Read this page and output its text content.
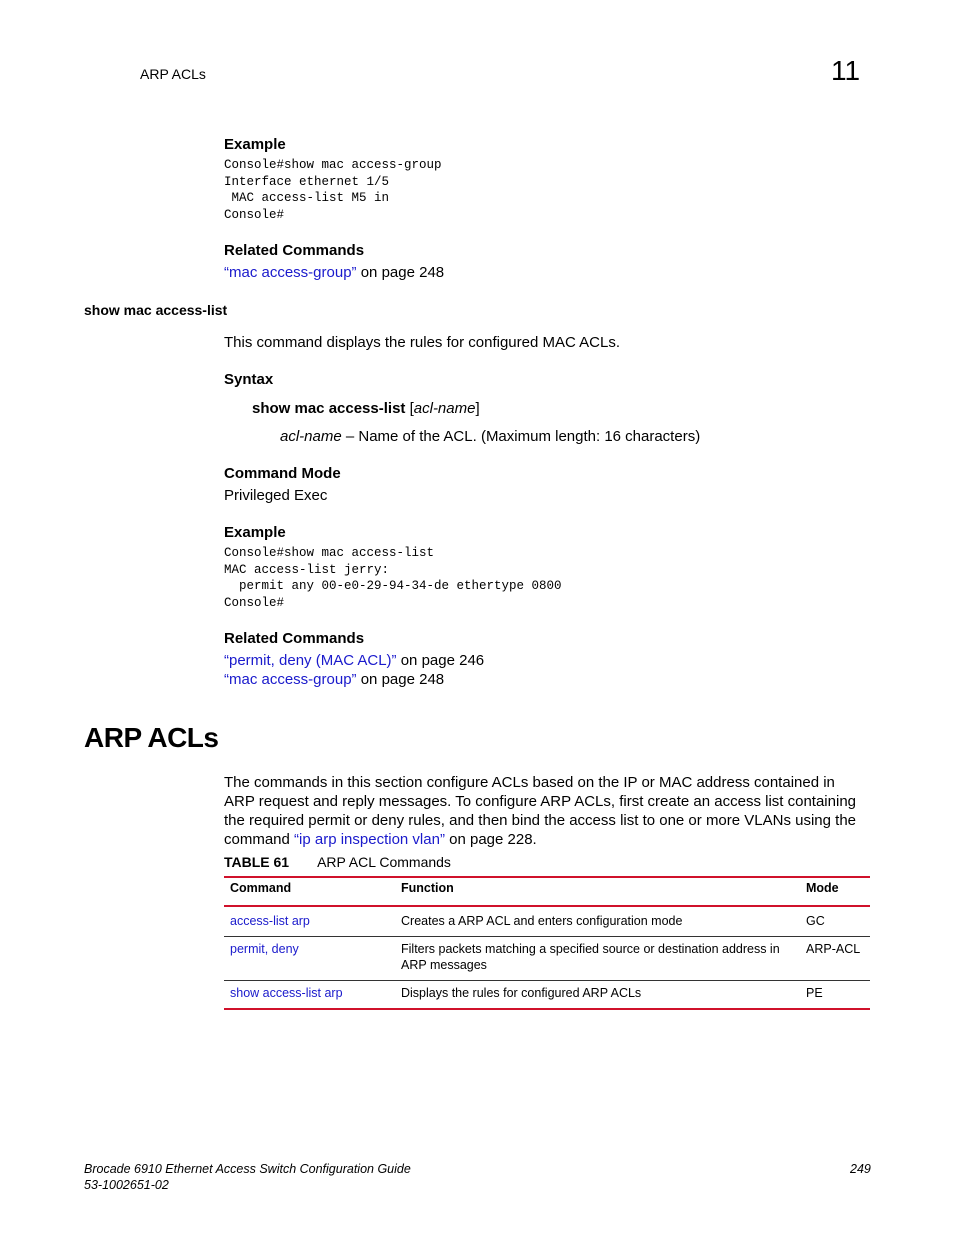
ARP ACLs	11
Example
Console#show mac access-group
Interface ethernet 1/5
MAC access-list M5 in
Console#
Related Commands
“mac access-group” on page 248
show mac access-list
This command displays the rules for configured MAC ACLs.
Syntax
show mac access-list [acl-name]
acl-name – Name of the ACL. (Maximum length: 16 characters)
Command Mode
Privileged Exec
Example
Console#show mac access-list
MAC access-list jerry:
permit any 00-e0-29-94-34-de ethertype 0800
Console#
Related Commands
“permit, deny (MAC ACL)” on page 246
“mac access-group” on page 248
ARP ACLs
The commands in this section configure ACLs based on the IP or MAC address contained in ARP request and reply messages. To configure ARP ACLs, first create an access list containing the required permit or deny rules, and then bind the access list to one or more VLANs using the command “ip arp inspection vlan” on page 228.
TABLE 61 ARP ACL Commands
Command	Function	Mode
access-list arp	Creates a ARP ACL and enters configuration mode	GC
permit, deny	Filters packets matching a specified source or destination address in ARP messages	ARP-ACL
show access-list arp	Displays the rules for configured ARP ACLs	PE
Brocade 6910 Ethernet Access Switch Configuration Guide
53-1002651-02
249
